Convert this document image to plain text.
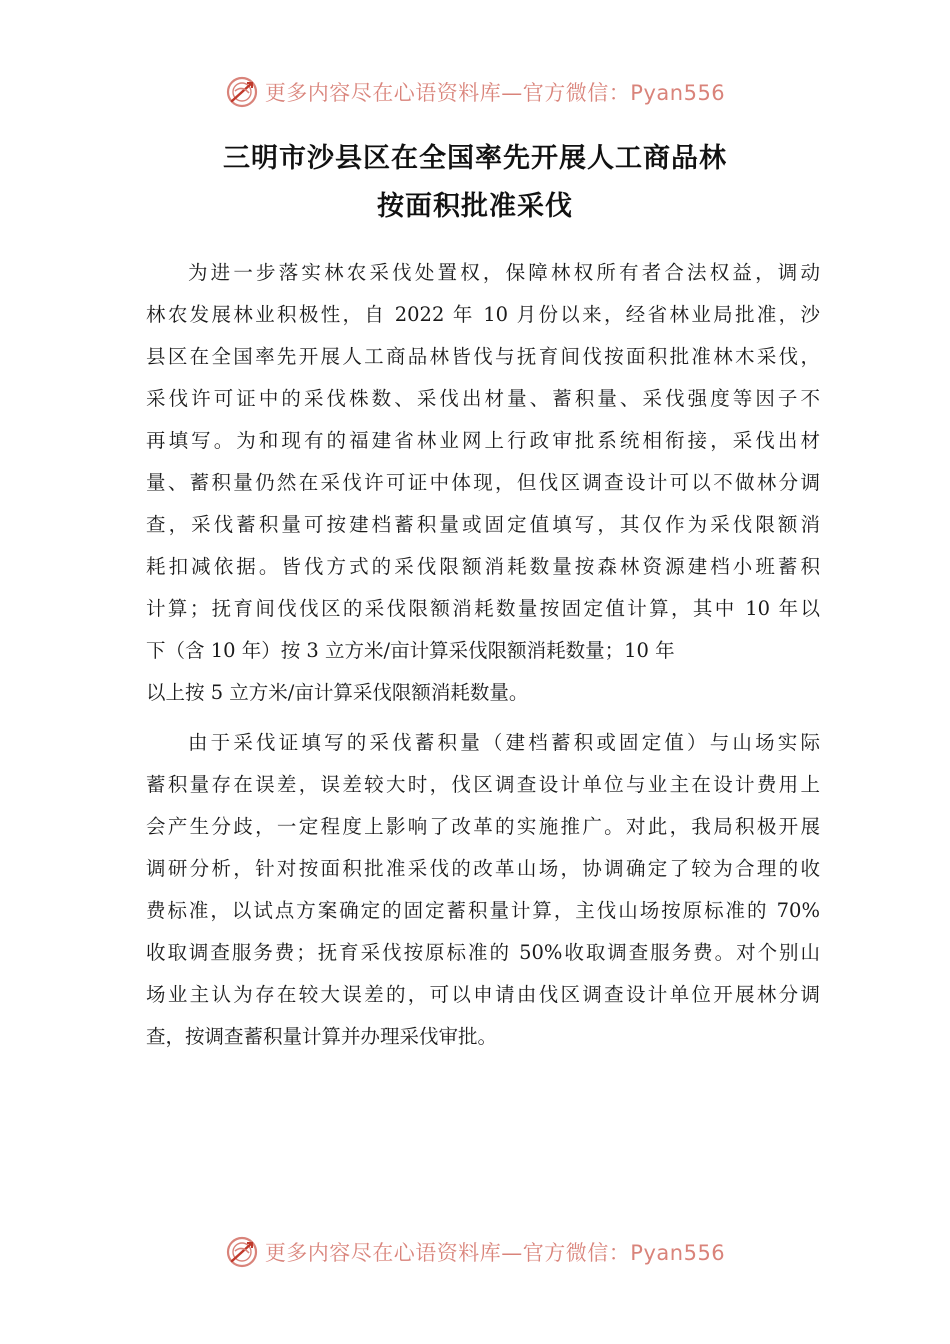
更多内容尽在心语资料库—官方微信：Pyan556
三明市沙县区在全国率先开展人工商品林
按面积批准采伐
为进一步落实林农采伐处置权，保障林权所有者合法权益，调动
林农发展林业积极性，自 2022 年 10 月份以来，经省林业局批准，沙
县区在全国率先开展人工商品林皆伐与抚育间伐按面积批准林木采伐，
采伐许可证中的采伐株数、采伐出材量、蓄积量、采伐强度等因子不
再填写。为和现有的福建省林业网上行政审批系统相衔接，采伐出材
量、蓄积量仍然在采伐许可证中体现，但伐区调查设计可以不做林分调
查，采伐蓄积量可按建档蓄积量或固定值填写，其仅作为采伐限额消
耗扣减依据。皆伐方式的采伐限额消耗数量按森林资源建档小班蓄积
计算；抚育间伐伐区的采伐限额消耗数量按固定值计算，其中 10 年以
下（含 10 年）按 3 立方米/亩计算采伐限额消耗数量；10 年
以上按 5 立方米/亩计算采伐限额消耗数量。
由于采伐证填写的采伐蓄积量（建档蓄积或固定值）与山场实际
蓄积量存在误差，误差较大时，伐区调查设计单位与业主在设计费用上
会产生分歧，一定程度上影响了改革的实施推广。对此，我局积极开展
调研分析，针对按面积批准采伐的改革山场，协调确定了较为合理的收
费标准，以试点方案确定的固定蓄积量计算，主伐山场按原标准的 70%
收取调查服务费；抚育采伐按原标准的 50%收取调查服务费。对个别山
场业主认为存在较大误差的，可以申请由伐区调查设计单位开展林分调
查，按调查蓄积量计算并办理采伐审批。
更多内容尽在心语资料库—官方微信：Pyan556
